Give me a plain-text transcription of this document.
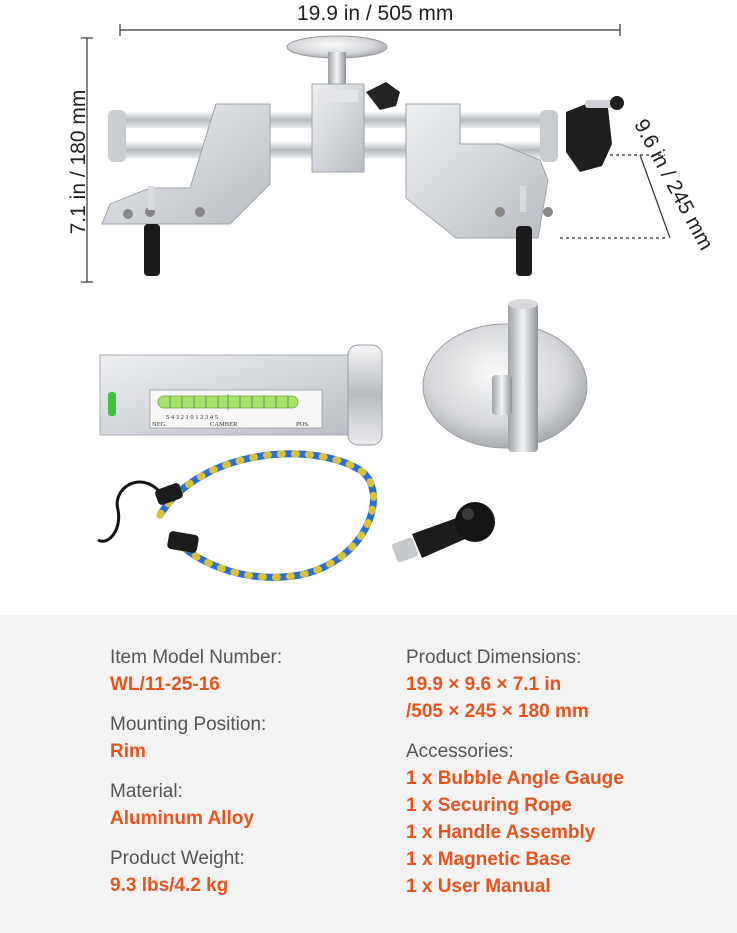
5 4 3 2 1 0 1 2 3 4 5
NEG.	CAMBER	POS.
19.9 in / 505 mm
7.1 in / 180 mm	9.6 in / 245 mm

Item Model Number:

WL/11-25-16

Mounting Position:

Rim

Material:

Aluminum Alloy

Product Weight:

9.3 lbs/4.2 kg

Product Dimensions:

19.9 × 9.6 × 7.1 in

/505 × 245 × 180 mm

Accessories:

1 x Bubble Angle Gauge
1 x Securing Rope
1 x Handle Assembly
1 x Magnetic Base
1 x User Manual
